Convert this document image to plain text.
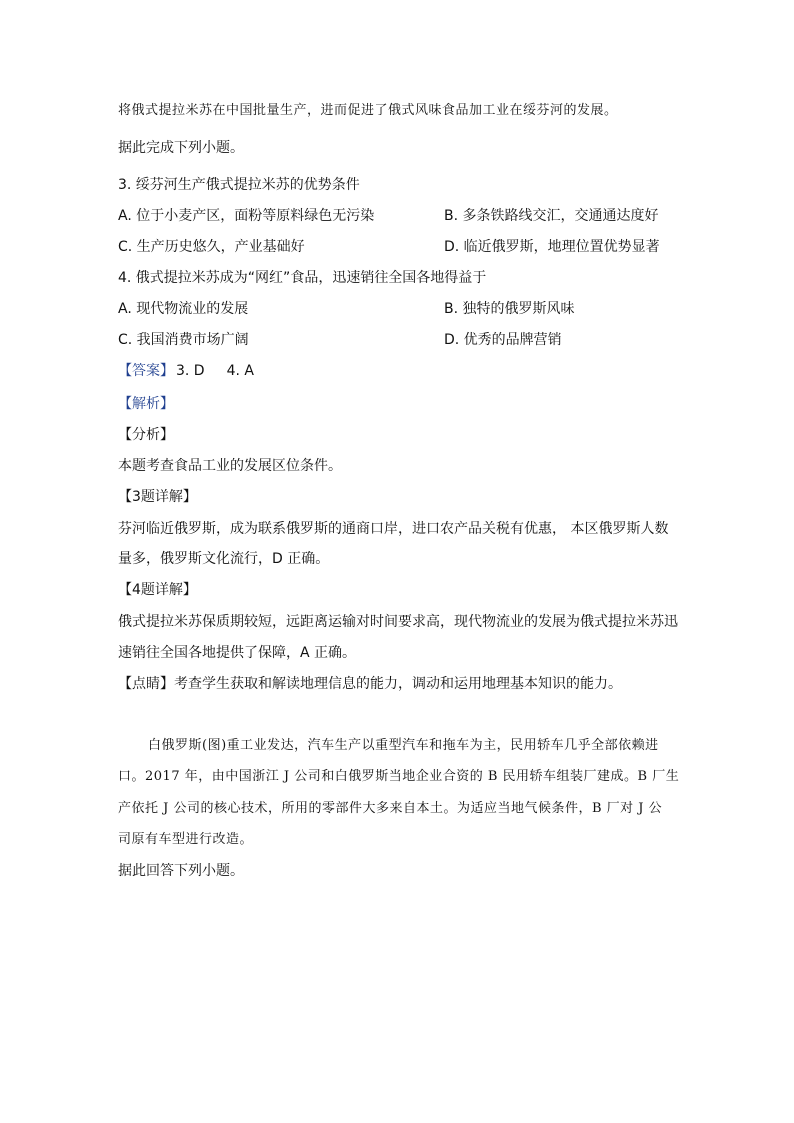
将俄式提拉米苏在中国批量生产，进而促进了俄式风味食品加工业在绥芬河的发展。
据此完成下列小题。
3. 绥芬河生产俄式提拉米苏的优势条件
A. 位于小麦产区，面粉等原料绿色无污染	B. 多条铁路线交汇，交通通达度好
C. 生产历史悠久，产业基础好	D. 临近俄罗斯，地理位置优势显著
4. 俄式提拉米苏成为“网红”食品，迅速销往全国各地得益于
A. 现代物流业的发展	B. 独特的俄罗斯风味
C. 我国消费市场广阔	D. 优秀的品牌营销
【答案】 3. D 4. A
【解析】
【分析】
本题考查食品工业的发展区位条件。
【3题详解】
芬河临近俄罗斯，成为联系俄罗斯的通商口岸，进口农产品关税有优惠， 本区俄罗斯人数
量多，俄罗斯文化流行，D 正确。
【4题详解】
俄式提拉米苏保质期较短，远距离运输对时间要求高，现代物流业的发展为俄式提拉米苏迅
速销往全国各地提供了保障，A 正确。
【点睛】考查学生获取和解读地理信息的能力，调动和运用地理基本知识的能力。
白俄罗斯(图)重工业发达，汽车生产以重型汽车和拖车为主，民用轿车几乎全部依赖进
口。2017 年，由中国浙江 J 公司和白俄罗斯当地企业合资的 B 民用轿车组装厂建成。B 厂生
产依托 J 公司的核心技术，所用的零部件大多来自本土。为适应当地气候条件，B 厂对 J 公
司原有车型进行改造。
据此回答下列小题。
